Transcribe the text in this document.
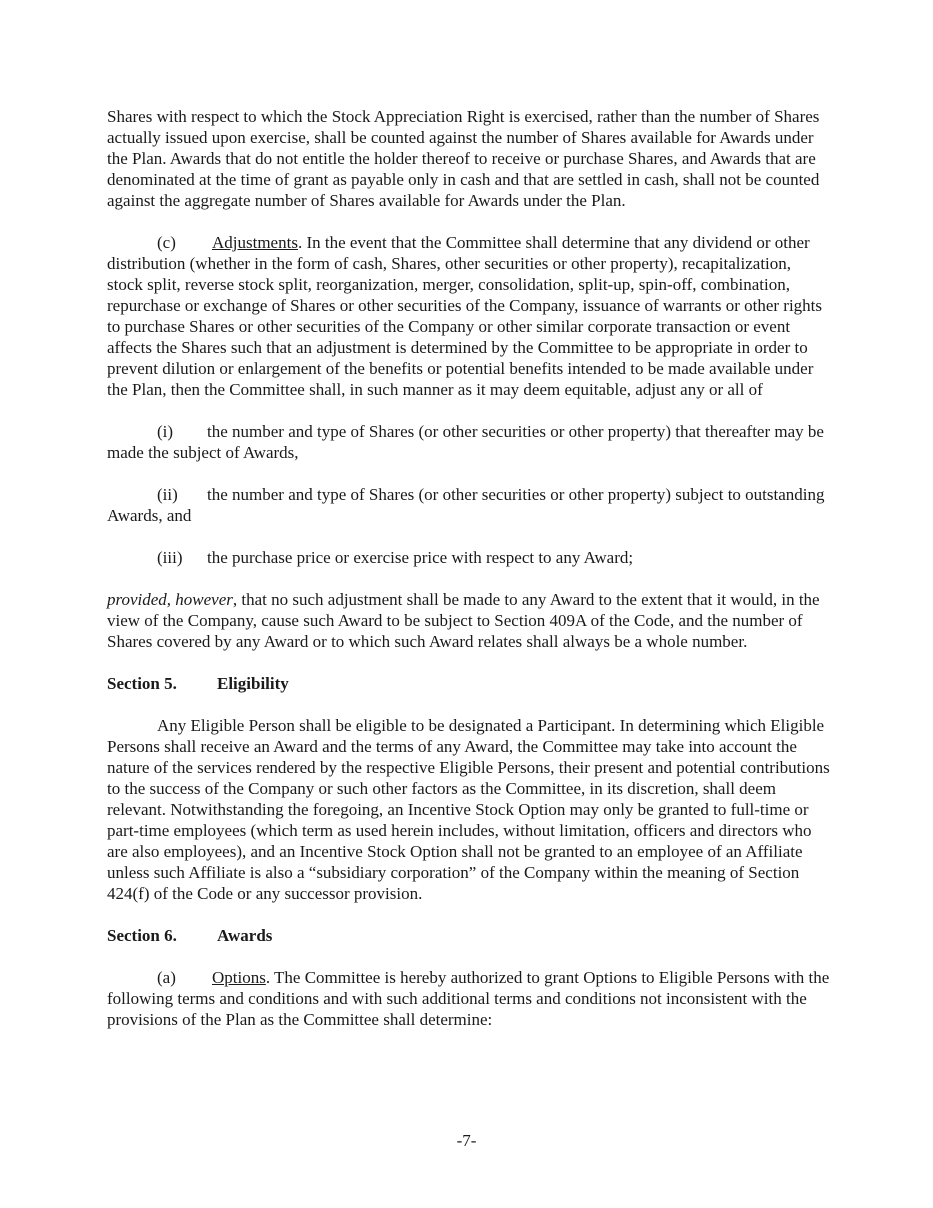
Shares with respect to which the Stock Appreciation Right is exercised, rather than the number of Shares actually issued upon exercise, shall be counted against the number of Shares available for Awards under the Plan. Awards that do not entitle the holder thereof to receive or purchase Shares, and Awards that are denominated at the time of grant as payable only in cash and that are settled in cash, shall not be counted against the aggregate number of Shares available for Awards under the Plan.

(c) Adjustments. In the event that the Committee shall determine that any dividend or other distribution (whether in the form of cash, Shares, other securities or other property), recapitalization, stock split, reverse stock split, reorganization, merger, consolidation, split-up, spin-off, combination, repurchase or exchange of Shares or other securities of the Company, issuance of warrants or other rights to purchase Shares or other securities of the Company or other similar corporate transaction or event affects the Shares such that an adjustment is determined by the Committee to be appropriate in order to prevent dilution or enlargement of the benefits or potential benefits intended to be made available under the Plan, then the Committee shall, in such manner as it may deem equitable, adjust any or all of

(i) the number and type of Shares (or other securities or other property) that thereafter may be made the subject of Awards,

(ii) the number and type of Shares (or other securities or other property) subject to outstanding Awards, and

(iii) the purchase price or exercise price with respect to any Award;

provided, however, that no such adjustment shall be made to any Award to the extent that it would, in the view of the Company, cause such Award to be subject to Section 409A of the Code, and the number of Shares covered by any Award or to which such Award relates shall always be a whole number.

Section 5. Eligibility

Any Eligible Person shall be eligible to be designated a Participant. In determining which Eligible Persons shall receive an Award and the terms of any Award, the Committee may take into account the nature of the services rendered by the respective Eligible Persons, their present and potential contributions to the success of the Company or such other factors as the Committee, in its discretion, shall deem relevant. Notwithstanding the foregoing, an Incentive Stock Option may only be granted to full-time or part-time employees (which term as used herein includes, without limitation, officers and directors who are also employees), and an Incentive Stock Option shall not be granted to an employee of an Affiliate unless such Affiliate is also a “subsidiary corporation” of the Company within the meaning of Section 424(f) of the Code or any successor provision.

Section 6. Awards

(a) Options. The Committee is hereby authorized to grant Options to Eligible Persons with the following terms and conditions and with such additional terms and conditions not inconsistent with the provisions of the Plan as the Committee shall determine:

-7-
